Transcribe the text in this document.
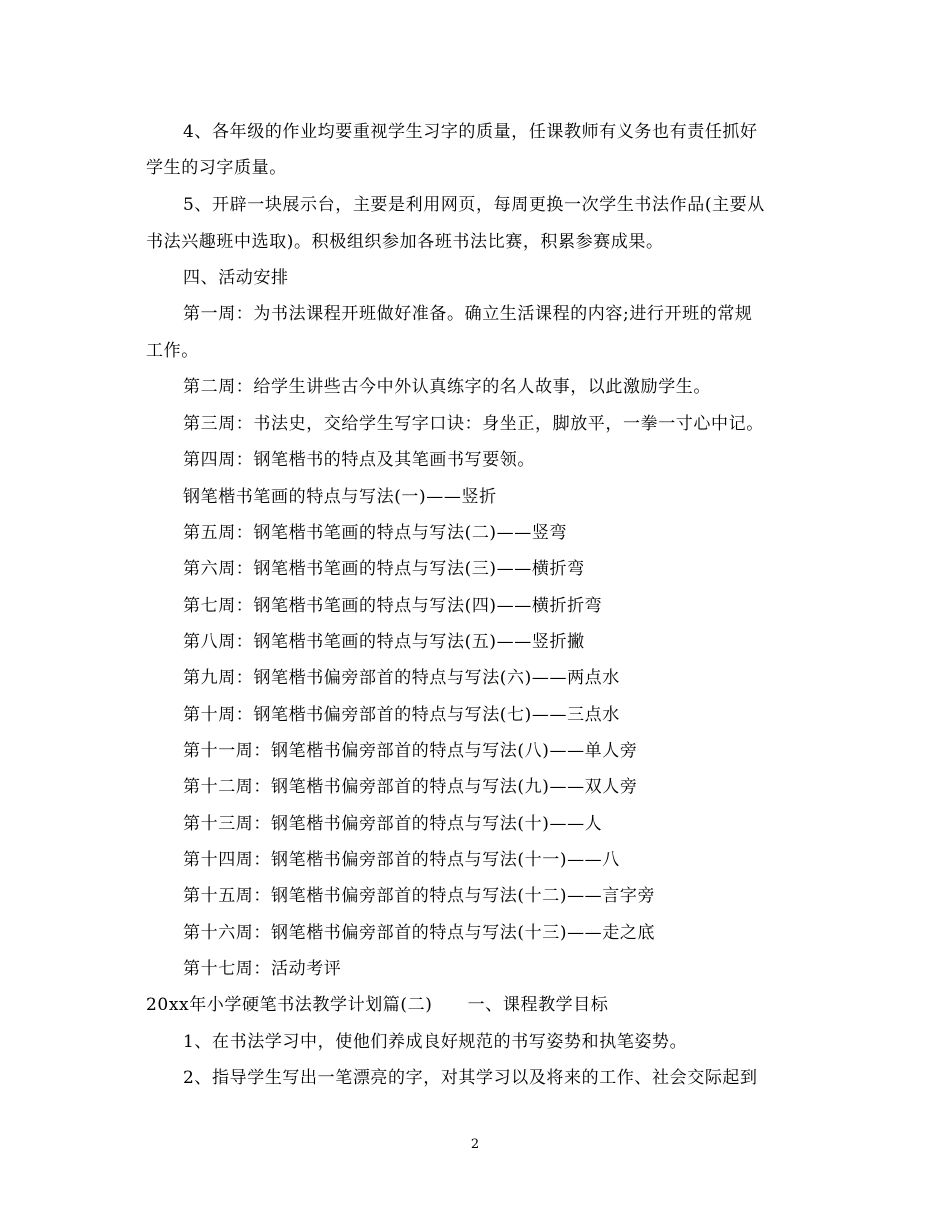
4、各年级的作业均要重视学生习字的质量，任课教师有义务也有责任抓好
学生的习字质量。
5、开辟一块展示台，主要是利用网页，每周更换一次学生书法作品(主要从
书法兴趣班中选取)。积极组织参加各班书法比赛，积累参赛成果。
四、活动安排
第一周：为书法课程开班做好准备。确立生活课程的内容;进行开班的常规
工作。
第二周：给学生讲些古今中外认真练字的名人故事，以此激励学生。
第三周：书法史，交给学生写字口诀：身坐正，脚放平，一拳一寸心中记。
第四周：钢笔楷书的特点及其笔画书写要领。
钢笔楷书笔画的特点与写法(一)——竖折
第五周：钢笔楷书笔画的特点与写法(二)——竖弯
第六周：钢笔楷书笔画的特点与写法(三)——横折弯
第七周：钢笔楷书笔画的特点与写法(四)——横折折弯
第八周：钢笔楷书笔画的特点与写法(五)——竖折撇
第九周：钢笔楷书偏旁部首的特点与写法(六)——两点水
第十周：钢笔楷书偏旁部首的特点与写法(七)——三点水
第十一周：钢笔楷书偏旁部首的特点与写法(八)——单人旁
第十二周：钢笔楷书偏旁部首的特点与写法(九)——双人旁
第十三周：钢笔楷书偏旁部首的特点与写法(十)——人
第十四周：钢笔楷书偏旁部首的特点与写法(十一)——八
第十五周：钢笔楷书偏旁部首的特点与写法(十二)——言字旁
第十六周：钢笔楷书偏旁部首的特点与写法(十三)——走之底
第十七周：活动考评
20xx年小学硬笔书法教学计划篇(二)　　一、课程教学目标
1、在书法学习中，使他们养成良好规范的书写姿势和执笔姿势。
2、指导学生写出一笔漂亮的字，对其学习以及将来的工作、社会交际起到
2
